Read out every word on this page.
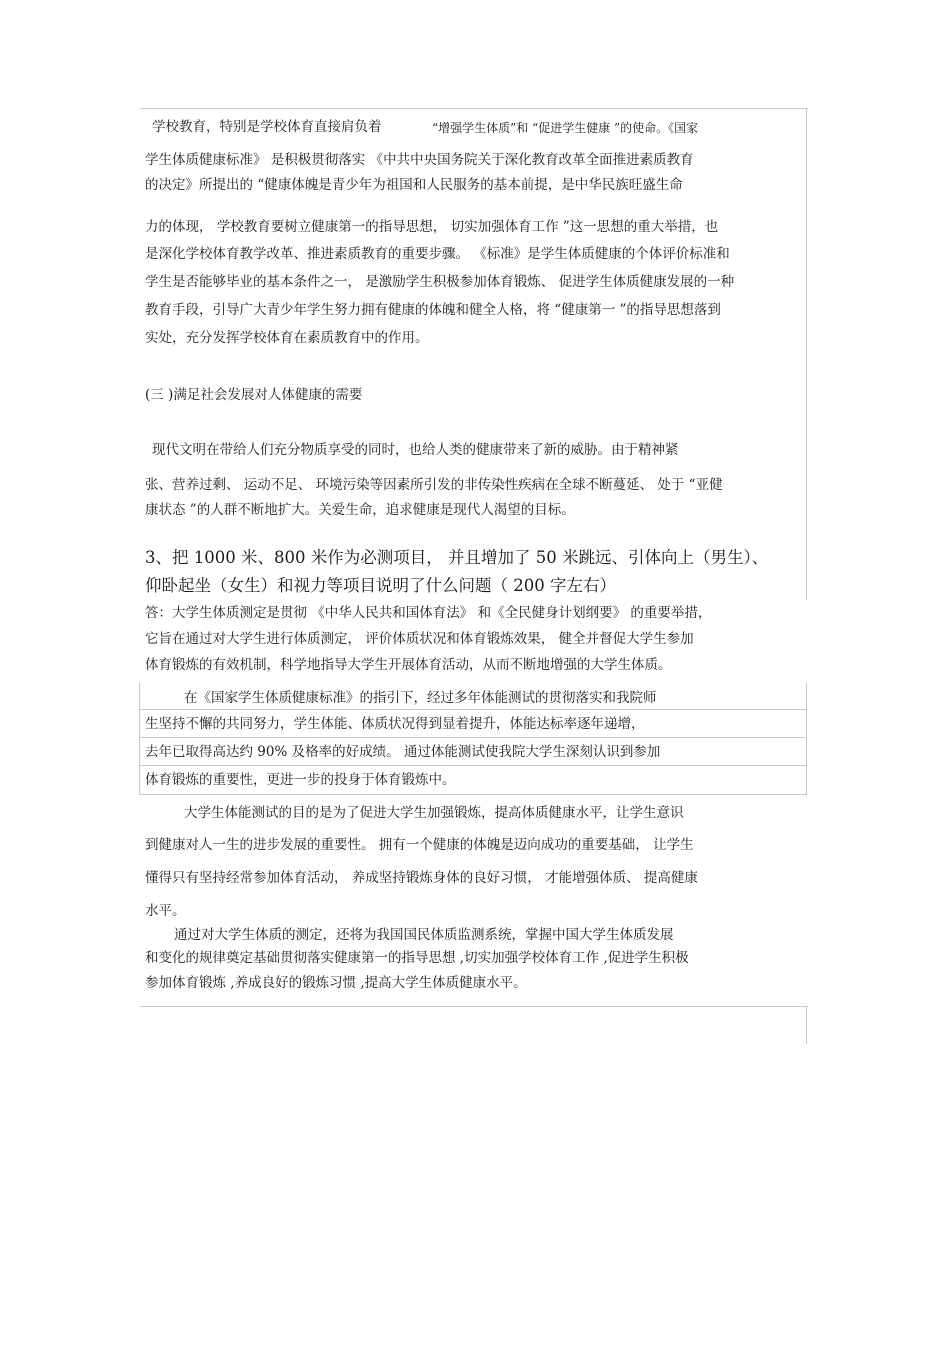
学校教育，特别是学校体育直接肩负着	“增强学生体质”和 “促进学生健康 ”的使命。《国家
学生体质健康标准》 是积极贯彻落实 《中共中央国务院关于深化教育改革全面推进素质教育
的决定》所提出的 “健康体魄是青少年为祖国和人民服务的基本前提，是中华民族旺盛生命
力的体现， 学校教育要树立健康第一的指导思想， 切实加强体育工作 ”这一思想的重大举措，也
是深化学校体育教学改革、推进素质教育的重要步骤。 《标准》是学生体质健康的个体评价标准和
学生是否能够毕业的基本条件之一， 是激励学生积极参加体育锻炼、 促进学生体质健康发展的一种
教育手段，引导广大青少年学生努力拥有健康的体魄和健全人格，将 “健康第一 ”的指导思想落到
实处，充分发挥学校体育在素质教育中的作用。
(三 )满足社会发展对人体健康的需要
现代文明在带给人们充分物质享受的同时，也给人类的健康带来了新的威胁。由于精神紧
张、营养过剩、 运动不足、 环境污染等因素所引发的非传染性疾病在全球不断蔓延、 处于 “亚健
康状态 ”的人群不断地扩大。关爱生命，追求健康是现代人渴望的目标。
3、把 1000 米、800 米作为必测项目， 并且增加了 50 米跳远、引体向上（男生）、
仰卧起坐（女生）和视力等项目说明了什么问题（ 200 字左右）
答：大学生体质测定是贯彻 《中华人民共和国体育法》 和《全民健身计划纲要》 的重要举措，
它旨在通过对大学生进行体质测定， 评价体质状况和体育锻炼效果， 健全并督促大学生参加
体育锻炼的有效机制，科学地指导大学生开展体育活动，从而不断地增强的大学生体质。
在《国家学生体质健康标准》的指引下，经过多年体能测试的贯彻落实和我院师
生坚持不懈的共同努力，学生体能、体质状况得到显着提升，体能达标率逐年递增，
去年已取得高达约 90% 及格率的好成绩。 通过体能测试使我院大学生深刻认识到参加
体育锻炼的重要性，更进一步的投身于体育锻炼中。
大学生体能测试的目的是为了促进大学生加强锻炼，提高体质健康水平，让学生意识
到健康对人一生的进步发展的重要性。 拥有一个健康的体魄是迈向成功的重要基础， 让学生
懂得只有坚持经常参加体育活动， 养成坚持锻炼身体的良好习惯， 才能增强体质、 提高健康
水平。
通过对大学生体质的测定，还将为我国国民体质监测系统，掌握中国大学生体质发展
和变化的规律奠定基础贯彻落实健康第一的指导思想 ,切实加强学校体育工作 ,促进学生积极
参加体育锻炼 ,养成良好的锻炼习惯 ,提高大学生体质健康水平。
